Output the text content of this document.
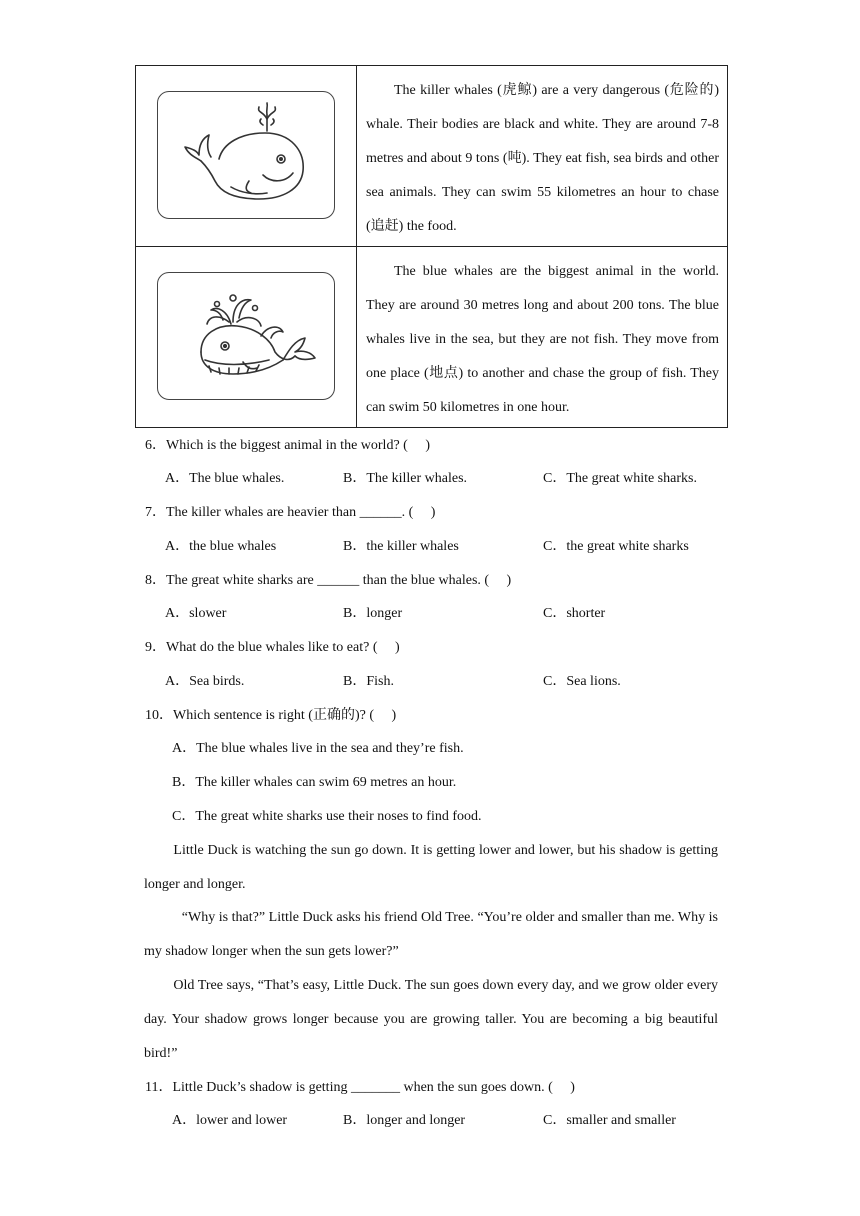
The killer whales (虎鲸) are a very dangerous (危险的) whale. Their bodies are black and white. They are around 7-8 metres and about 9 tons (吨). They eat fish, sea birds and other sea animals. They can swim 55 kilometres an hour to chase (追赶) the food.

The blue whales are the biggest animal in the world. They are around 30 metres long and about 200 tons. The blue whales live in the sea, but they are not fish. They move from one place (地点) to another and chase the group of fish. They can swim 50 kilometres in one hour.

6．Which is the biggest animal in the world? (　 )

A．The blue whales.	B．The killer whales.	C．The great white sharks.

7．The killer whales are heavier than ______. (　 )

A．the blue whales	B．the killer whales	C．the great white sharks

8．The great white sharks are ______ than the blue whales. (　 )

A．slower	B．longer	C．shorter

9．What do the blue whales like to eat? (　 )

A．Sea birds.	B．Fish.	C．Sea lions.

10．Which sentence is right (正确的)? (　 )

A．The blue whales live in the sea and they’re fish.

B．The killer whales can swim 69 metres an hour.

C．The great white sharks use their noses to find food.

Little Duck is watching the sun go down. It is getting lower and lower, but his shadow is getting longer and longer.

“Why is that?” Little Duck asks his friend Old Tree. “You’re older and smaller than me. Why is my shadow longer when the sun gets lower?”

Old Tree says, “That’s easy, Little Duck. The sun goes down every day, and we grow older every day. Your shadow grows longer because you are growing taller. You are becoming a big beautiful bird!”

11．Little Duck’s shadow is getting _______ when the sun goes down. (　 )

A．lower and lower	B．longer and longer	C．smaller and smaller
